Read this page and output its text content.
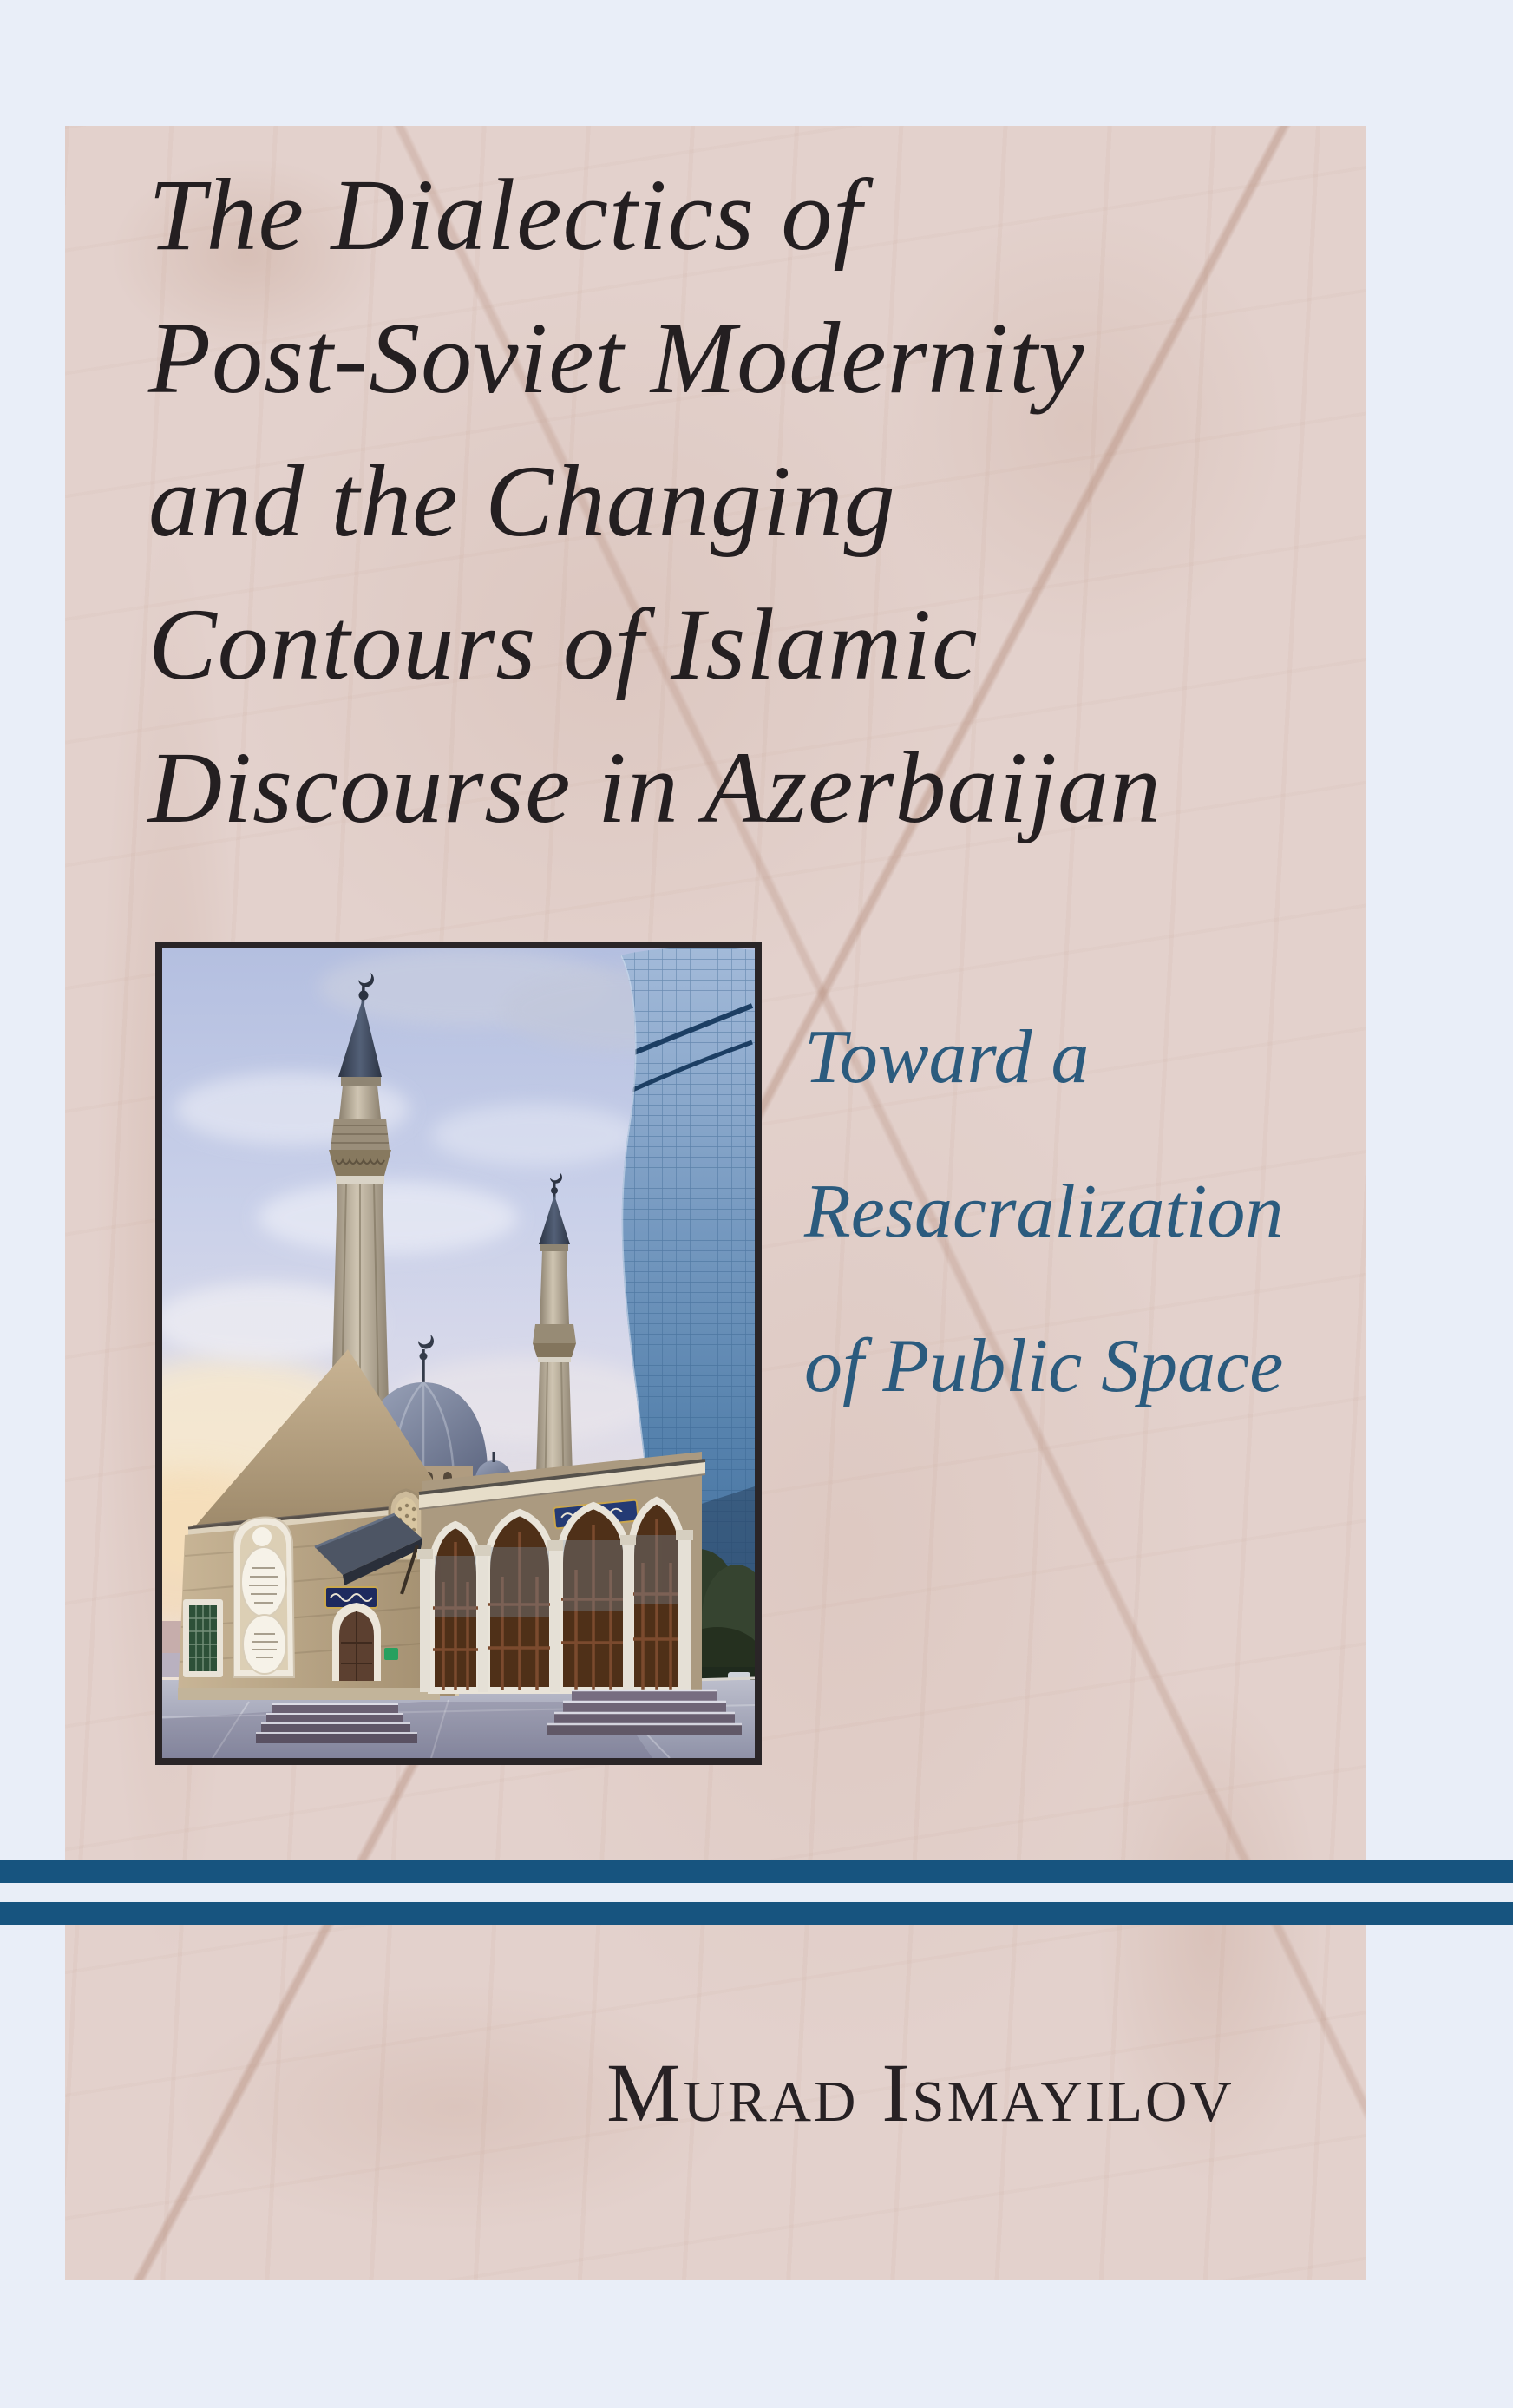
The Dialectics of
Post-Soviet Modernity
and the Changing
Contours of Islamic
Discourse in Azerbaijan
Toward a
Resacralization
of Public Space
Murad Ismayilov
